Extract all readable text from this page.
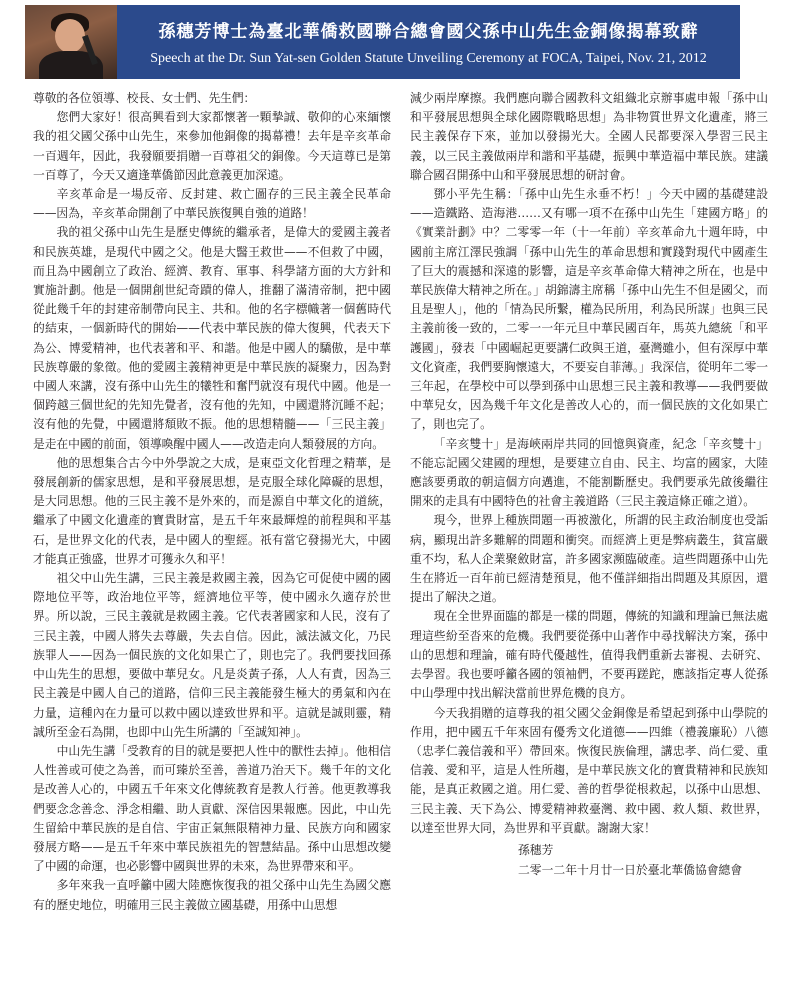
孫穗芳博士為臺北華僑救國聯合總會國父孫中山先生金銅像揭幕致辭
Speech at the Dr. Sun Yat-sen Golden Statute Unveiling Ceremony at FOCA, Taipei, Nov. 21, 2012

尊敬的各位領導、校長、女士們、先生們：

您們大家好！很高興看到大家都懷著一顆摯誠、敬仰的心來緬懷我的祖父國父孫中山先生，來參加他銅像的揭幕禮！去年是辛亥革命一百週年，因此，我發願要捐贈一百尊祖父的銅像。今天這尊已是第一百尊了，今天又適逢華僑節因此意義更加深遠。

辛亥革命是一場反帝、反封建、救亡圖存的三民主義全民革命——因為，辛亥革命開創了中華民族復興自強的道路！

我的祖父孫中山先生是歷史傳統的繼承者，是偉大的愛國主義者和民族英雄，是現代中國之父。他是大醫王救世——不但救了中國，而且為中國創立了政治、經濟、教育、軍事、科學諸方面的大方針和實施計劃。他是一個開創世紀奇蹟的偉人，推翻了滿清帝制，把中國從此幾千年的封建帝制帶向民主、共和。他的名字標幟著一個舊時代的結束，一個新時代的開始——代表中華民族的偉大復興，代表天下為公、博愛精神，也代表著和平、和諧。他是中國人的驕傲，是中華民族尊嚴的象徵。他的愛國主義精神更是中華民族的凝聚力，因為對中國人來講，沒有孫中山先生的犧牲和奮鬥就沒有現代中國。他是一個跨越三個世紀的先知先覺者，沒有他的先知，中國還將沉睡不起；沒有他的先覺，中國還將頹敗不振。他的思想精髓——「三民主義」是走在中國的前面，領導喚醒中國人——改造走向人類發展的方向。

他的思想集合古今中外學說之大成，是東亞文化哲理之精華，是發展創新的儒家思想，是和平發展思想，是克服全球化障礙的思想，是大同思想。他的三民主義不是外來的，而是源自中華文化的道統，繼承了中國文化遺產的寶貴財富，是五千年來最輝煌的前程與和平基石，是世界文化的代表，是中國人的聖經。祇有當它發揚光大，中國才能真正強盛，世界才可獲永久和平！

祖父中山先生講，三民主義是救國主義，因為它可促使中國的國際地位平等，政治地位平等，經濟地位平等，使中國永久適存於世界。所以說，三民主義就是救國主義。它代表著國家和人民，沒有了三民主義，中國人將失去尊嚴，失去自信。因此，滅法滅文化，乃民族罪人——因為一個民族的文化如果亡了，則也完了。我們要找回孫中山先生的思想，要做中華兒女。凡是炎黃子孫，人人有責，因為三民主義是中國人自己的道路，信仰三民主義能發生極大的勇氣和內在力量，這種內在力量可以救中國以達致世界和平。這就是誠則靈，精誠所至金石為開，也即中山先生所講的「至誠知神」。

中山先生講「受教育的目的就是要把人性中的獸性去掉」。他相信人性善或可使之為善，而可臻於至善，善道乃治天下。幾千年的文化是改善人心的，中國五千年來文化傳統教育是教人行善。他更教導我們要念念善念、淨念相繼、助人貢獻、深信因果報應。因此，中山先生留給中華民族的是自信、宇宙正氣無限精神力量、民族方向和國家發展方略——是五千年來中華民族祖先的智慧結晶。孫中山思想改變了中國的命運，也必影響中國與世界的未來，為世界帶來和平。

多年來我一直呼籲中國大陸應恢復我的祖父孫中山先生為國父應有的歷史地位，明確用三民主義做立國基礎，用孫中山思想

減少兩岸摩擦。我們應向聯合國教科文組織北京辦事處申報「孫中山和平發展思想與全球化國際戰略思想」為非物質世界文化遺產，將三民主義保存下來，並加以發揚光大。全國人民都要深入學習三民主義，以三民主義做兩岸和諧和平基礎，振興中華造福中華民族。建議聯合國召開孫中山和平發展思想的研討會。

鄧小平先生稱：「孫中山先生永垂不朽！」今天中國的基礎建設——造鐵路、造海港……又有哪一項不在孫中山先生「建國方略」的《實業計劃》中？二零零一年（十一年前）辛亥革命九十週年時，中國前主席江澤民強調「孫中山先生的革命思想和實踐對現代中國產生了巨大的震撼和深遠的影響，這是辛亥革命偉大精神之所在，也是中華民族偉大精神之所在。」胡錦濤主席稱「孫中山先生不但是國父，而且是聖人」，他的「情為民所繫，權為民所用，利為民所謀」也與三民主義前後一致的，二零一一年元旦中華民國百年，馬英九總統「和平護國」，發表「中國崛起更要講仁政與王道，臺灣雖小，但有深厚中華文化資產，我們要胸懷遠大，不要妄自菲薄。」我深信，從明年二零一三年起，在學校中可以學到孫中山思想三民主義和教導——我們要做中華兒女，因為幾千年文化是善改人心的，而一個民族的文化如果亡了，則也完了。

「辛亥雙十」是海峽兩岸共同的回憶與資產，紀念「辛亥雙十」不能忘記國父建國的理想，是要建立自由、民主、均富的國家，大陸應該要勇敢的朝這個方向邁進，不能割斷歷史。我們要承先啟後繼往開來的走具有中國特色的社會主義道路（三民主義這條正確之道）。

現今，世界上種族問題一再被激化，所謂的民主政治制度也受詬病，顯現出許多難解的問題和衝突。而經濟上更是弊病叢生，貧富嚴重不均，私人企業聚斂財富，許多國家瀕臨破產。這些問題孫中山先生在將近一百年前已經清楚預見，他不僅詳細指出問題及其原因，還提出了解決之道。

現在全世界面臨的都是一樣的問題，傳統的知識和理論已無法處理這些紛至沓來的危機。我們要從孫中山著作中尋找解決方案，孫中山的思想和理論，確有時代優越性，值得我們重新去審視、去研究、去學習。我也要呼籲各國的領袖們，不要再蹉跎，應該指定專人從孫中山學理中找出解決當前世界危機的良方。

今天我捐贈的這尊我的祖父國父金銅像是希望起到孫中山學院的作用，把中國五千年來固有優秀文化道德——四維（禮義廉恥）八德（忠孝仁義信義和平）帶回來。恢復民族倫理，講忠孝、尚仁愛、重信義、愛和平，這是人性所趨，是中華民族文化的寶貴精神和民族知能，是真正救國之道。用仁愛、善的哲學從根救起，以孫中山思想、三民主義、天下為公、博愛精神救臺灣、救中國、救人類、救世界，以達至世界大同，為世界和平貢獻。謝謝大家！

孫穗芳
二零一二年十月廿一日於臺北華僑協會總會
